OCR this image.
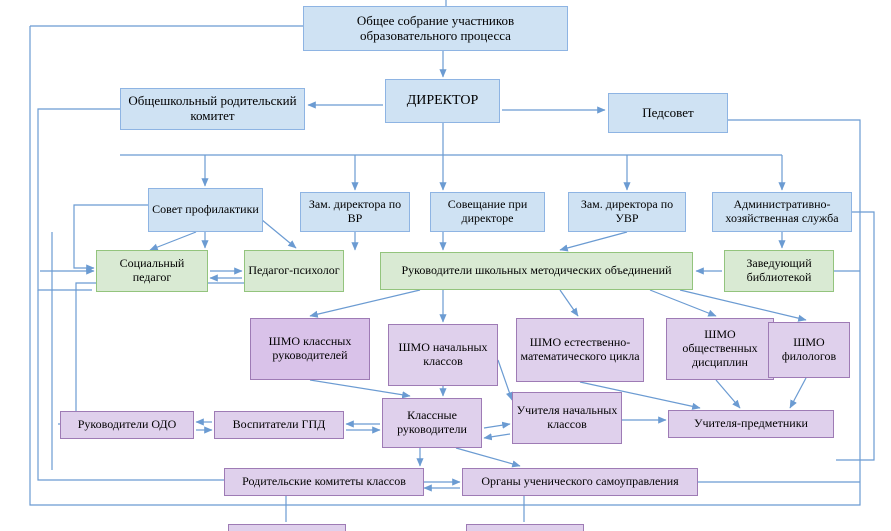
Общее собрание участников образовательного процесса
ДИРЕКТОР
Общешкольный родительский комитет	Педсовет
Совет профилактики	Зам. директора по ВР
Совещание при директоре
Зам. директора по УВР
Административно-хозяйственная служба
Социальный педагог	Педагог-психолог	Руководители школьных методических объединений	Заведующий библиотекой
ШМО классных руководителей
ШМО начальных классов
ШМО естественно-математического цикла
ШМО общественных дисциплин
ШМО филологов
Руководители ОДО	Воспитатели ГПД
Классные руководители
Учителя начальных классов	Учителя-предметники
Родительские комитеты классов	Органы ученического самоуправления
